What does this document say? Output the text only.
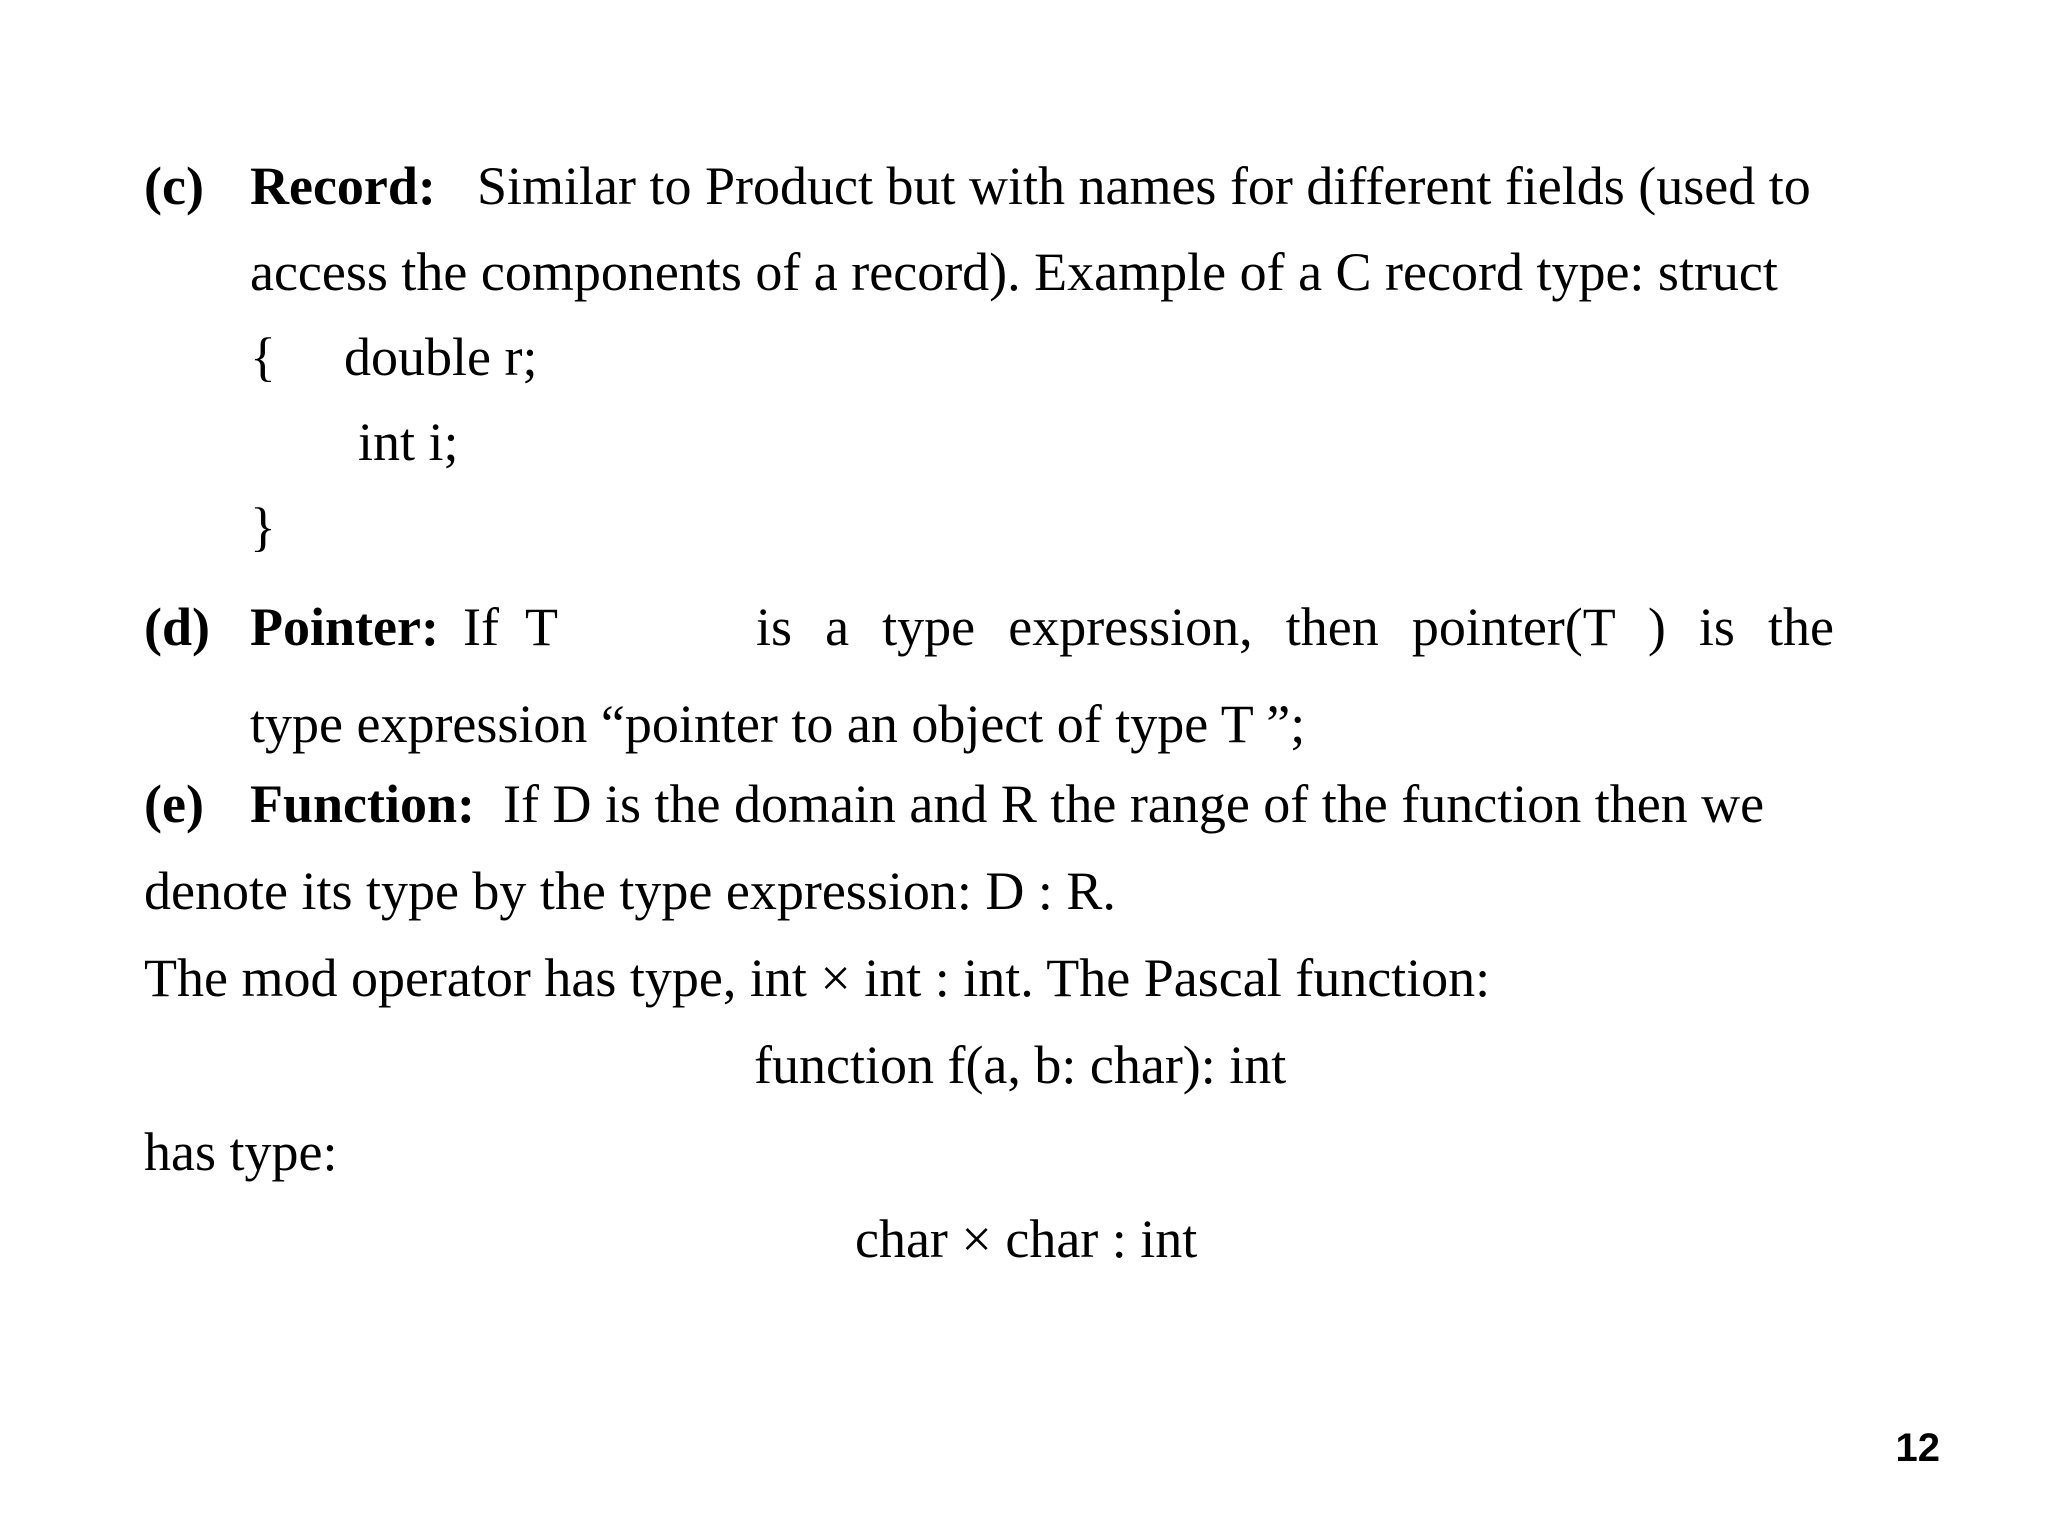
(c) Record: Similar to Product but with names for different fields (used to
access the components of a record). Example of a C record type: struct
{ double r;
int i;
}
(d) Pointer: If  T	is a type expression, then pointer(T ) is the
type expression “pointer to an object of type T ”;
(e) Function: If D is the domain and R the range of the function then we
denote its type by the type expression: D : R.
The mod operator has type, int × int : int. The Pascal function:
function f(a, b: char): int
has type:
char × char : int
12
